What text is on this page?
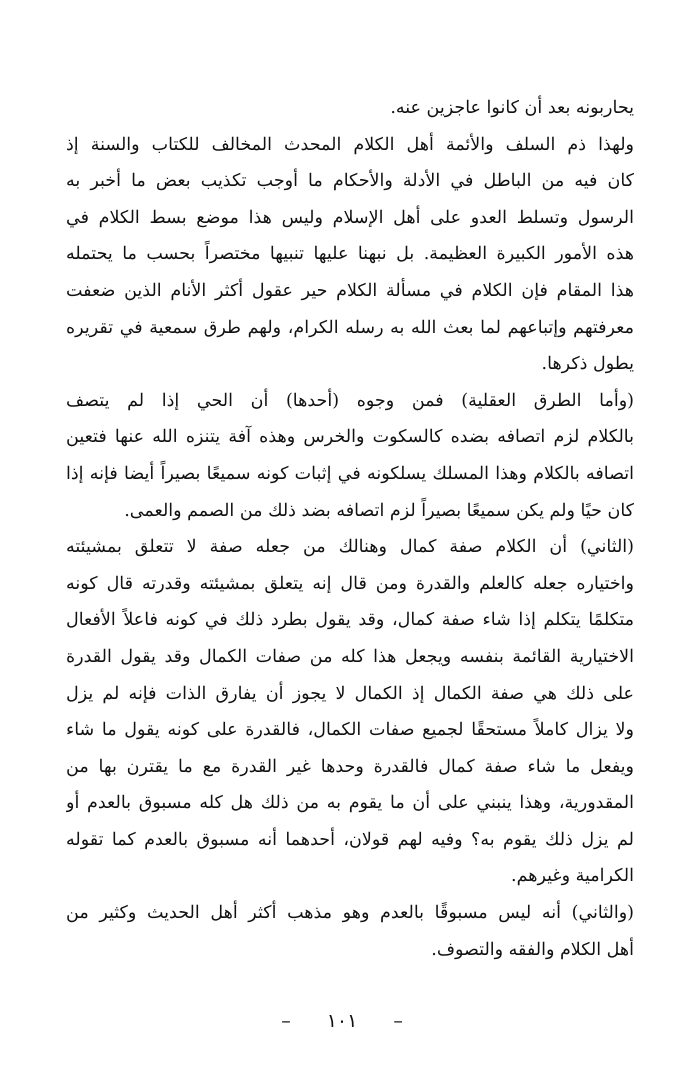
يحاربونه بعد أن كانوا عاجزين عنه.
ولهذا ذم السلف والأئمة أهل الكلام المحدث المخالف للكتاب والسنة إذ
كان فيه من الباطل في الأدلة والأحكام ما أوجب تكذيب بعض ما أخبر به
الرسول وتسلط العدو على أهل الإسلام وليس هذا موضع بسط الكلام في
هذه الأمور الكبيرة العظيمة. بل نبهنا عليها تنبيها مختصراً بحسب ما يحتمله
هذا المقام فإن الكلام في مسألة الكلام حير عقول أكثر الأنام الذين ضعفت
معرفتهم وإتباعهم لما بعث الله به رسله الكرام، ولهم طرق سمعية في تقريره
يطول ذكرها.
(وأما الطرق العقلية) فمن وجوه (أحدها) أن الحي إذا لم يتصف
بالكلام لزم اتصافه بضده كالسكوت والخرس وهذه آفة يتنزه الله عنها فتعين
اتصافه بالكلام وهذا المسلك يسلكونه في إثبات كونه سميعًا بصيراً أيضا فإنه إذا
كان حيًا ولم يكن سميعًا بصيراً لزم اتصافه بضد ذلك من الصمم والعمى.
(الثاني) أن الكلام صفة كمال وهنالك من جعله صفة لا تتعلق بمشيئته
واختياره جعله كالعلم والقدرة ومن قال إنه يتعلق بمشيئته وقدرته قال كونه
متكلمًا يتكلم إذا شاء صفة كمال، وقد يقول بطرد ذلك في كونه فاعلاً الأفعال
الاختيارية القائمة بنفسه ويجعل هذا كله من صفات الكمال وقد يقول القدرة
على ذلك هي صفة الكمال إذ الكمال لا يجوز أن يفارق الذات فإنه لم يزل
ولا يزال كاملاً مستحقًا لجميع صفات الكمال، فالقدرة على كونه يقول ما شاء
ويفعل ما شاء صفة كمال فالقدرة وحدها غير القدرة مع ما يقترن بها من
المقدورية، وهذا ينبني على أن ما يقوم به من ذلك هل كله مسبوق بالعدم أو
لم يزل ذلك يقوم به؟ وفيه لهم قولان، أحدهما أنه مسبوق بالعدم كما تقوله
الكرامية وغيرهم.
(والثاني) أنه ليس مسبوقًا بالعدم وهو مذهب أكثر أهل الحديث وكثير من
أهل الكلام والفقه والتصوف.
–١٠١–
